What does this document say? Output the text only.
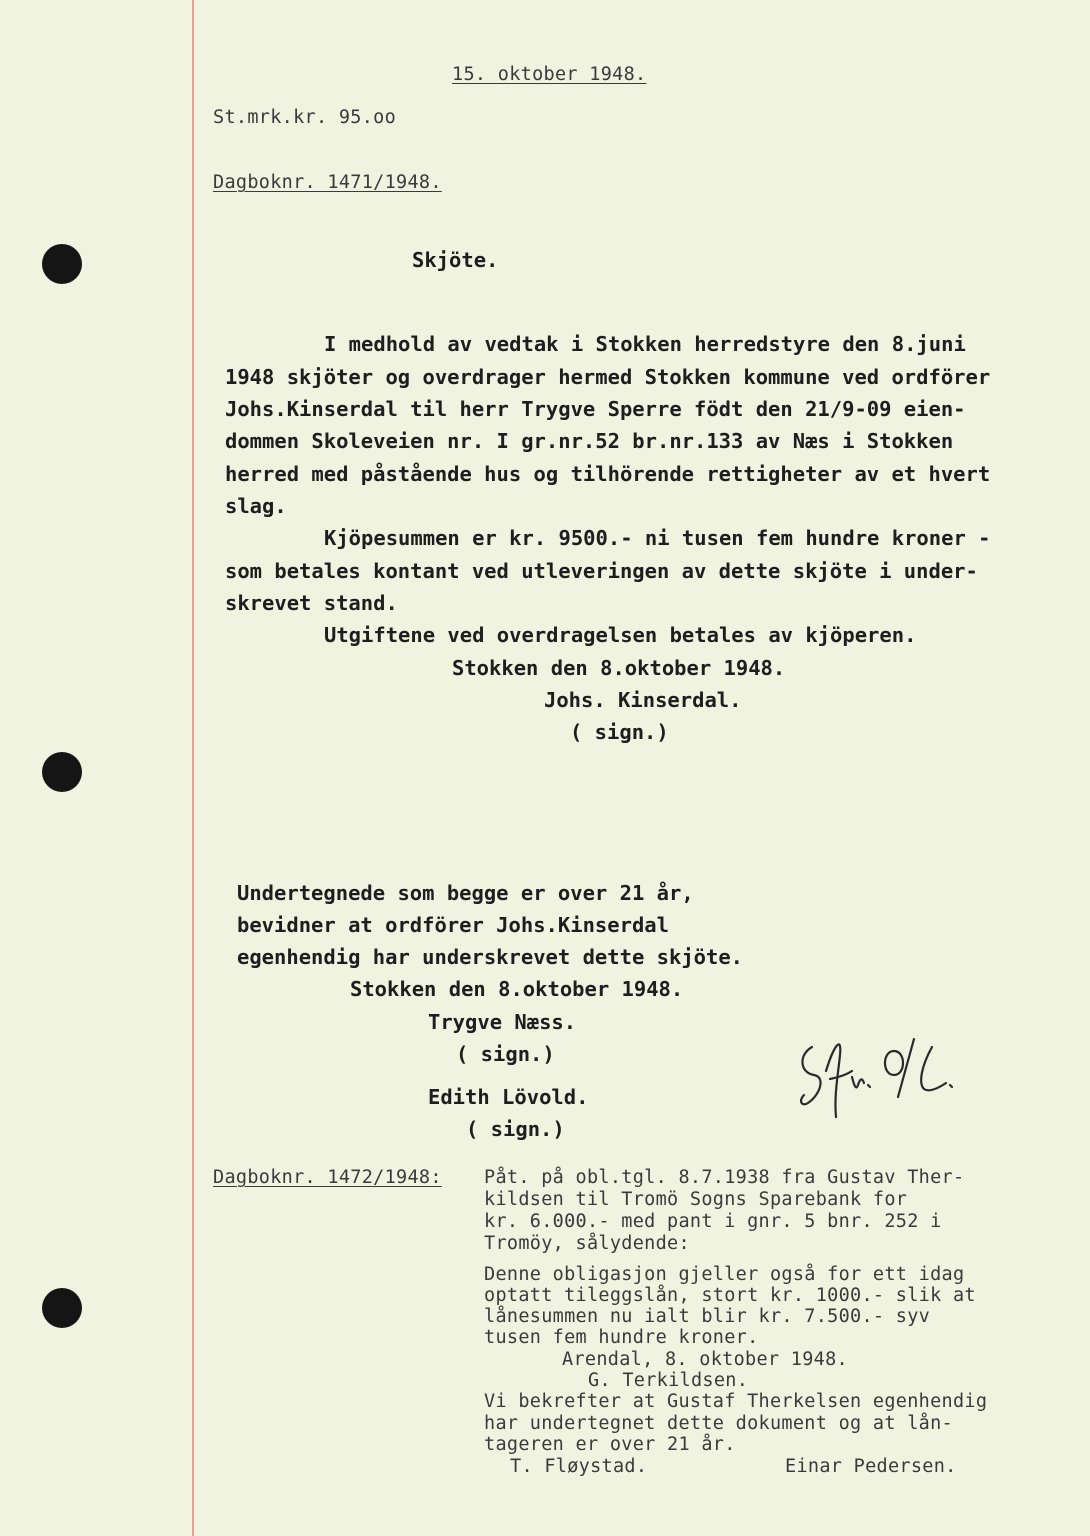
15. oktober 1948.
St.mrk.kr. 95.oo
Dagboknr. 1471/1948.
Skjöte.
I medhold av vedtak i Stokken herredstyre den 8.juni
1948 skjöter og overdrager hermed Stokken kommune ved ordförer
Johs.Kinserdal til herr Trygve Sperre födt den 21/9-09 eien-
dommen Skoleveien nr. I gr.nr.52 br.nr.133 av Næs i Stokken
herred med påstående hus og tilhörende rettigheter av et hvert
slag.
Kjöpesummen er kr. 9500.- ni tusen fem hundre kroner -
som betales kontant ved utleveringen av dette skjöte i under-
skrevet stand.
Utgiftene ved overdragelsen betales av kjöperen.
Stokken den 8.oktober 1948.
Johs. Kinserdal.
( sign.)
Undertegnede som begge er over 21 år,
bevidner at ordförer Johs.Kinserdal
egenhendig har underskrevet dette skjöte.
Stokken den 8.oktober 1948.
Trygve Næss.
( sign.)
Edith Lövold.
( sign.)
Dagboknr. 1472/1948: Påt. på obl.tgl. 8.7.1938 fra Gustav Ther-
kildsen til Tromö Sogns Sparebank for
kr. 6.000.- med pant i gnr. 5 bnr. 252 i
Tromöy, sålydende:
Denne obligasjon gjeller også for ett idag
optatt tileggslån, stort kr. 1000.- slik at
lånesummen nu ialt blir kr. 7.500.- syv
tusen fem hundre kroner.
Arendal, 8. oktober 1948.
G. Terkildsen.
Vi bekrefter at Gustaf Therkelsen egenhendig
har undertegnet dette dokument og at lån-
tageren er over 21 år.
T. Fløystad.	Einar Pedersen.
